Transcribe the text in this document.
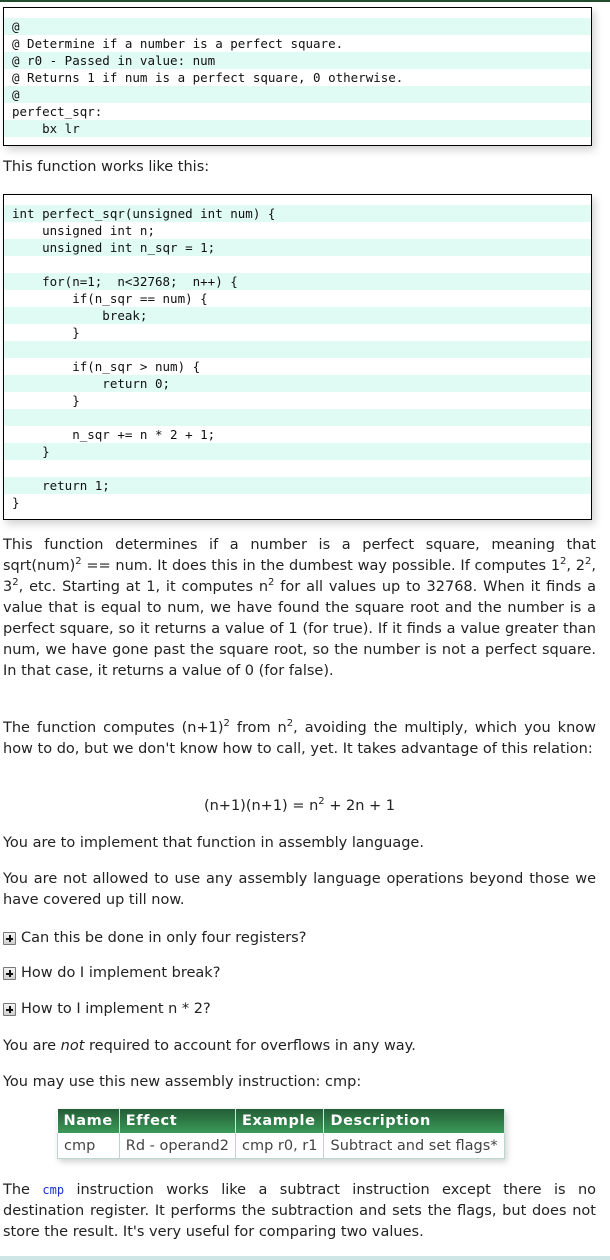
@
@ Determine if a number is a perfect square.
@ r0 - Passed in value: num
@ Returns 1 if num is a perfect square, 0 otherwise.
@
perfect_sqr:
bx lr

This function works like this:

int perfect_sqr(unsigned int num) {
unsigned int n;
unsigned int n_sqr = 1;
for(n=1;  n<32768;  n++) {
if(n_sqr == num) {
break;
}
if(n_sqr > num) {
return 0;
}
n_sqr += n * 2 + 1;
}
return 1;
}

This function determines if a number is a perfect square, meaning that sqrt(num)$^2$ == num. It does this in the dumbest way possible. If computes $1^2$, $2^2$, $3^2$, etc. Starting at 1, it computes $n^2$ for all values up to 32768. When it finds a value that is equal to num, we have found the square root and the number is a perfect square, so it returns a value of 1 (for true). If it finds a value greater than num, we have gone past the square root, so the number is not a perfect square. In that case, it returns a value of 0 (for false).

The function computes $(n+1)^2$ from $n^2$, avoiding the multiply, which you know how to do, but we don't know how to call, yet. It takes advantage of this relation:

$(n+1)(n+1) = n^2 + 2n + 1$

You are to implement that function in assembly language.

You are not allowed to use any assembly language operations beyond those we have covered up till now.

Can this be done in only four registers?
How do I implement break?
How to I implement n * 2?

You are not required to account for overflows in any way.

You may use this new assembly instruction: cmp:

Name	Effect	Example	Description
cmp	Rd - operand2	cmp r0, r1	Subtract and set flags*

The cmp instruction works like a subtract instruction except there is no destination register. It performs the subtraction and sets the flags, but does not store the result. It's very useful for comparing two values.
